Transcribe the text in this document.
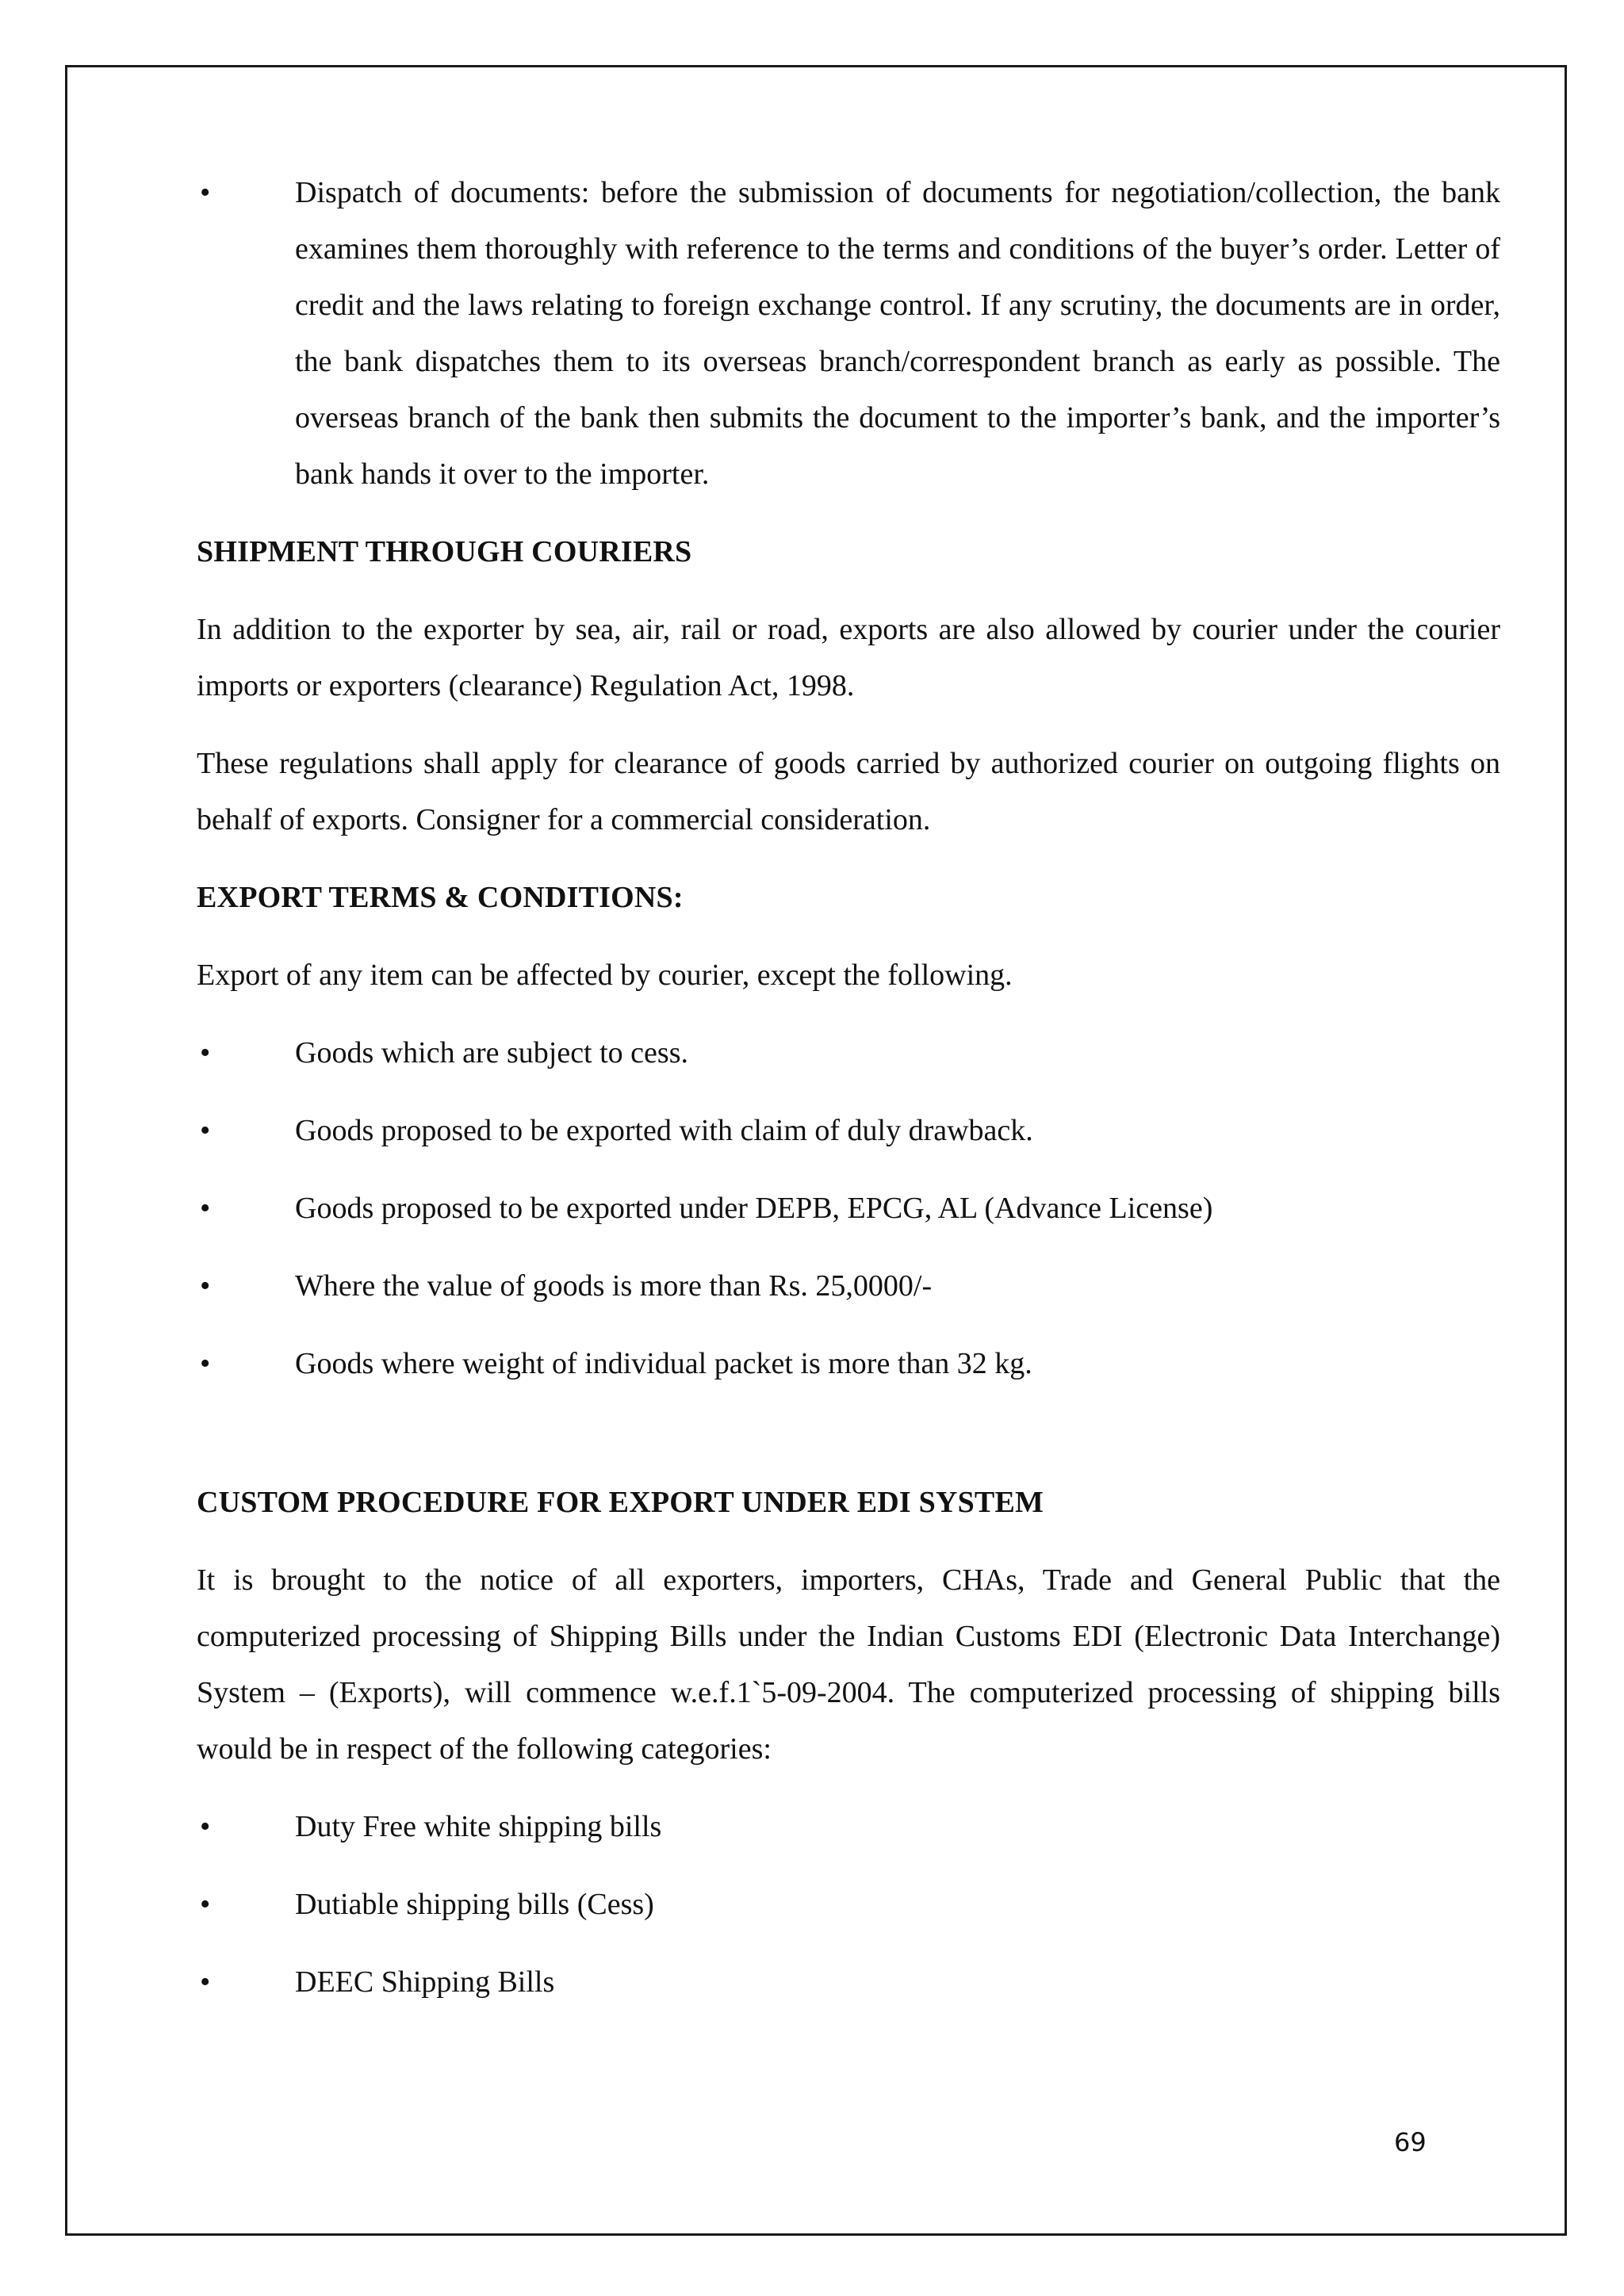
•	Dispatch of documents: before the submission of documents for negotiation/collection, the bank examines them thoroughly with reference to the terms and conditions of the buyer’s order. Letter of credit and the laws relating to foreign exchange control. If any scrutiny, the documents are in order, the bank dispatches them to its overseas branch/correspondent branch as early as possible. The overseas branch of the bank then submits the document to the importer’s bank, and the importer’s bank hands it over to the importer.
SHIPMENT THROUGH COURIERS

In addition to the exporter by sea, air, rail or road, exports are also allowed by courier under the courier imports or exporters (clearance) Regulation Act, 1998.

These regulations shall apply for clearance of goods carried by authorized courier on outgoing flights on behalf of exports. Consigner for a commercial consideration.

EXPORT TERMS & CONDITIONS:

Export of any item can be affected by courier, except the following.

•	Goods which are subject to cess.
•	Goods proposed to be exported with claim of duly drawback.
•	Goods proposed to be exported under DEPB, EPCG, AL (Advance License)
•	Where the value of goods is more than Rs. 25,0000/-
•	Goods where weight of individual packet is more than 32 kg.
CUSTOM PROCEDURE FOR EXPORT UNDER EDI SYSTEM

It is brought to the notice of all exporters, importers, CHAs, Trade and General Public that the computerized processing of Shipping Bills under the Indian Customs EDI (Electronic Data Interchange) System – (Exports), will commence w.e.f.1`5-09-2004. The computerized processing of shipping bills would be in respect of the following categories:

•	Duty Free white shipping bills
•	Dutiable shipping bills (Cess)
•	DEEC Shipping Bills
69
